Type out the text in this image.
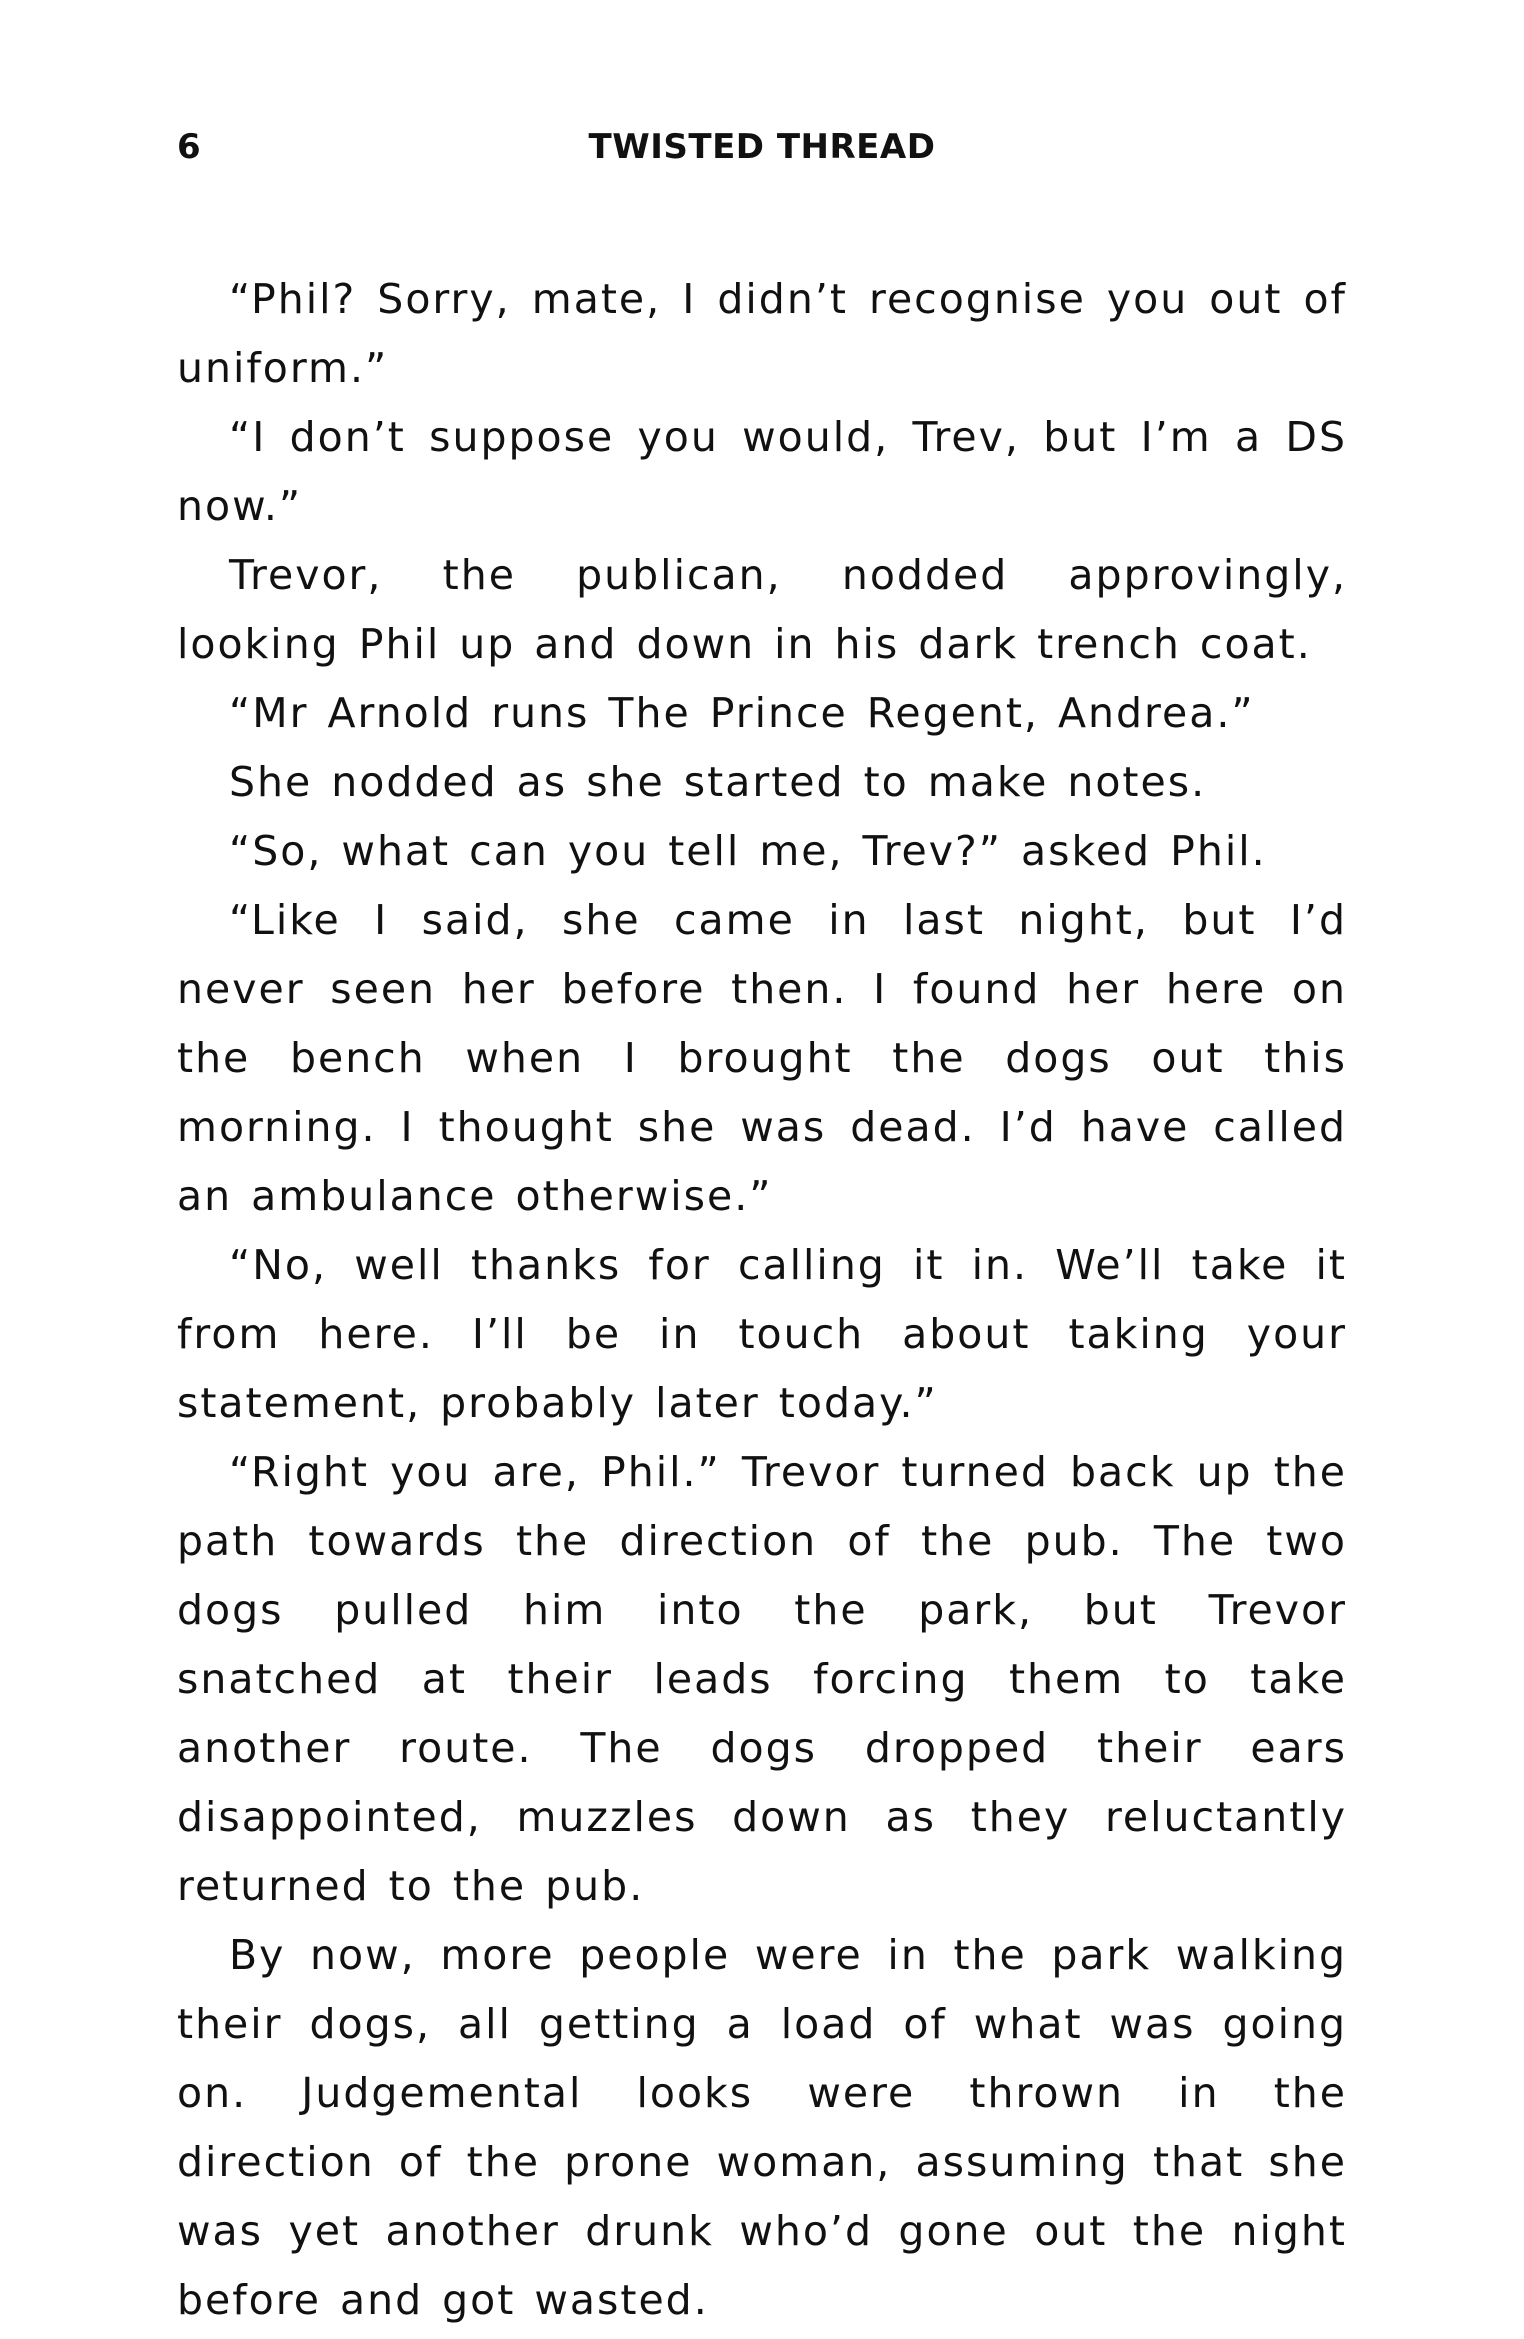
6	TWISTED THREAD

“Phil? Sorry, mate, I didn’t recognise you out of uniform.”

“I don’t suppose you would, Trev, but I’m a DS now.”

Trevor, the publican, nodded approvingly, looking Phil up and down in his dark trench coat.

“Mr Arnold runs The Prince Regent, Andrea.”

She nodded as she started to make notes.

“So, what can you tell me, Trev?” asked Phil.

“Like I said, she came in last night, but I’d never seen her before then. I found her here on the bench when I brought the dogs out this morning. I thought she was dead. I’d have called an ambulance otherwise.”

“No, well thanks for calling it in. We’ll take it from here. I’ll be in touch about taking your statement, probably later today.”

“Right you are, Phil.” Trevor turned back up the path towards the direction of the pub. The two dogs pulled him into the park, but Trevor snatched at their leads forcing them to take another route. The dogs dropped their ears disappointed, muzzles down as they reluctantly returned to the pub.

By now, more people were in the park walking their dogs, all getting a load of what was going on. Judgemental looks were thrown in the direction of the prone woman, assuming that she was yet another drunk who’d gone out the night before and got wasted.
